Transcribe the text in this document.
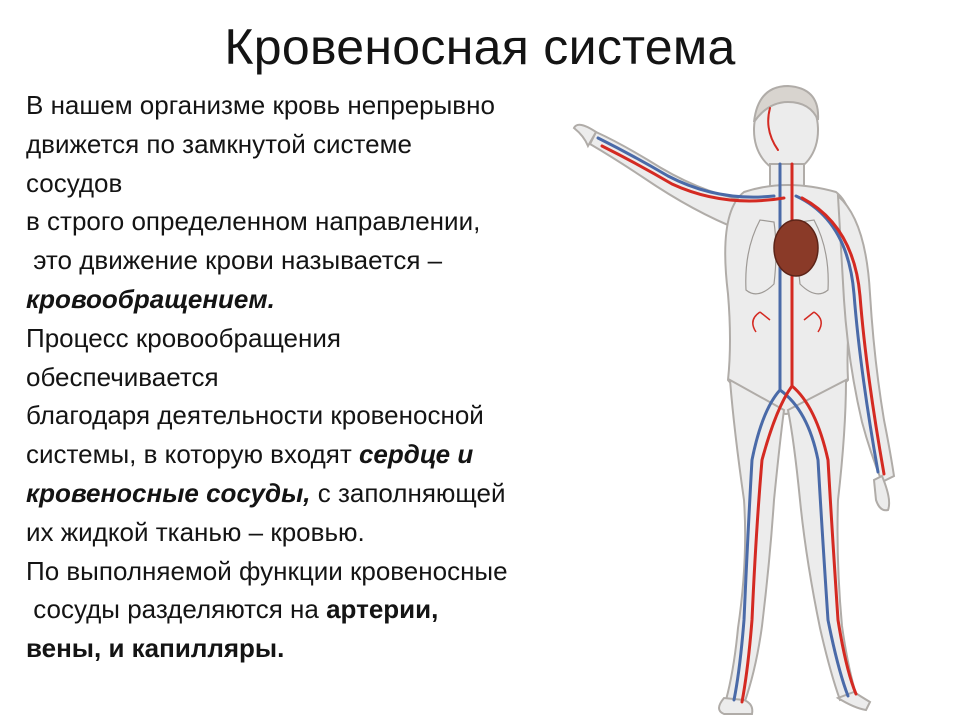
Кровеносная система
В нашем организме кровь непрерывно
движется по замкнутой системе
сосудов
в строго определенном направлении,
это движение крови называется –
кровообращением.
Процесс кровообращения
обеспечивается
благодаря деятельности кровеносной
системы, в которую входят сердце и
кровеносные сосуды, с заполняющей
их жидкой тканью – кровью.
По выполняемой функции кровеносные
сосуды разделяются на артерии,
вены, и капилляры.
